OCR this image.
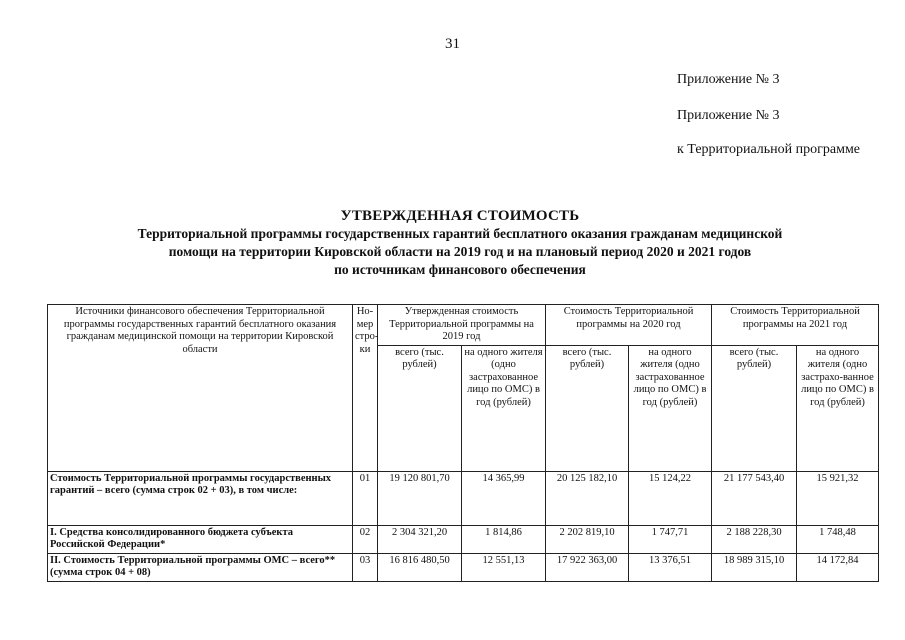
31
Приложение № 3
Приложение № 3
к Территориальной программе
УТВЕРЖДЕННАЯ СТОИМОСТЬ
Территориальной программы государственных гарантий бесплатного оказания гражданам медицинской
помощи на территории Кировской области на 2019 год и на плановый период 2020 и 2021 годов
по источникам финансового обеспечения
Источники финансового обеспечения Территориальной программы государственных гарантий бесплатного оказания гражданам медицинской помощи на территории Кировской области	Но-мер стро-ки	Утвержденная стоимость Территориальной программы на 2019 год		Стоимость Территориальной программы на 2020 год		Стоимость Территориальной программы на 2021 год	
		всего (тыс. рублей)	на одного жителя (одно застрахованное лицо по ОМС) в год (рублей)	всего (тыс. рублей)	на одного жителя (одно застрахованное лицо по ОМС) в год (рублей)	всего (тыс. рублей)	на одного жителя (одно застрахо-ванное лицо по ОМС) в год (рублей)
Стоимость Территориальной программы государственных гарантий – всего (сумма строк 02 + 03), в том числе:	01	19 120 801,70	14 365,99	20 125 182,10	15 124,22	21 177 543,40	15 921,32
I. Средства консолидированного бюджета субъекта Российской Федерации*	02	2 304 321,20	1 814,86	2 202 819,10	1 747,71	2 188 228,30	1 748,48
II. Стоимость Территориальной программы ОМС – всего** (сумма строк 04 + 08)	03	16 816 480,50	12 551,13	17 922 363,00	13 376,51	18 989 315,10	14 172,84
